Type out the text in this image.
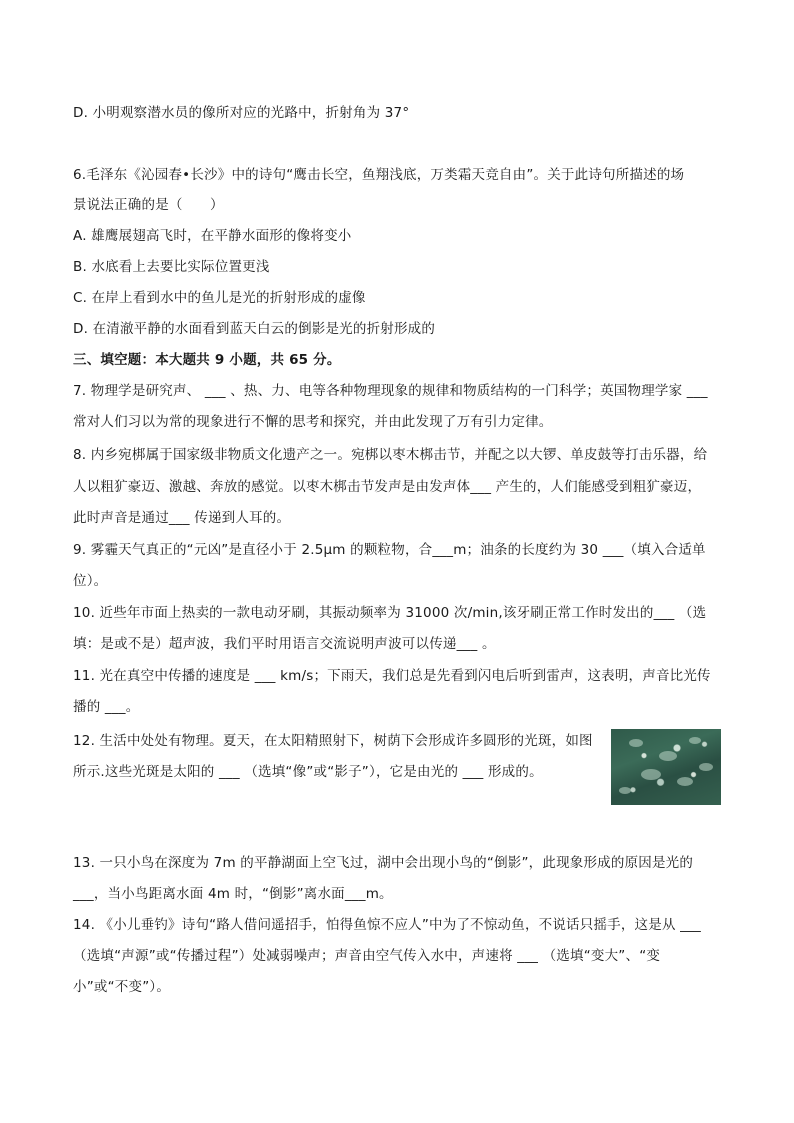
D. 小明观察潜水员的像所对应的光路中，折射角为 37°
6.毛泽东《沁园春•长沙》中的诗句“鹰击长空，鱼翔浅底，万类霜天竞自由”。关于此诗句所描述的场
景说法正确的是（　　）
A. 雄鹰展翅高飞时，在平静水面形的像将变小
B. 水底看上去要比实际位置更浅
C. 在岸上看到水中的鱼儿是光的折射形成的虚像
D. 在清澈平静的水面看到蓝天白云的倒影是光的折射形成的
三、填空题：本大题共 9 小题，共 65 分。
7. 物理学是研究声、 ___ 、热、力、电等各种物理现象的规律和物质结构的一门科学；英国物理学家 ___
常对人们习以为常的现象进行不懈的思考和探究，并由此发现了万有引力定律。
8. 内乡宛梆属于国家级非物质文化遗产之一。宛梆以枣木梆击节，并配之以大锣、单皮鼓等打击乐器，给
人以粗犷豪迈、激越、奔放的感觉。以枣木梆击节发声是由发声体___ 产生的，人们能感受到粗犷豪迈，
此时声音是通过___ 传递到人耳的。
9. 雾霾天气真正的“元凶”是直径小于 2.5μm 的颗粒物，合___m；油条的长度约为 30 ___（填入合适单
位）。
10. 近些年市面上热卖的一款电动牙刷，其振动频率为 31000 次/min,该牙刷正常工作时发出的___ （选
填：是或不是）超声波，我们平时用语言交流说明声波可以传递___ 。
11. 光在真空中传播的速度是 ___ km/s；下雨天，我们总是先看到闪电后听到雷声，这表明，声音比光传
播的 ___。
12. 生活中处处有物理。夏天，在太阳精照射下，树荫下会形成许多圆形的光斑，如图
所示.这些光斑是太阳的 ___ （选填“像”或“影子”），它是由光的 ___ 形成的。
13. 一只小鸟在深度为 7m 的平静湖面上空飞过，湖中会出现小鸟的“倒影”，此现象形成的原因是光的
___，当小鸟距离水面 4m 时，“倒影”离水面___m。
14. 《小儿垂钓》诗句“路人借问遥招手，怕得鱼惊不应人”中为了不惊动鱼，不说话只摇手，这是从 ___
（选填“声源”或“传播过程”）处减弱噪声；声音由空气传入水中，声速将 ___ （选填“变大”、“变
小”或“不变”）。
